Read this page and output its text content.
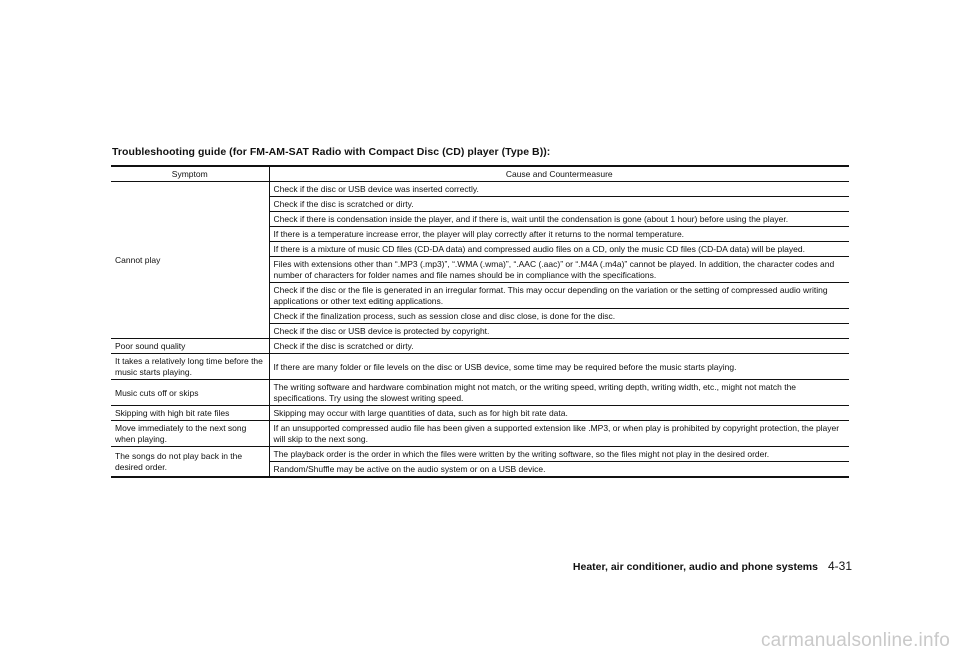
Troubleshooting guide (for FM-AM-SAT Radio with Compact Disc (CD) player (Type B)):
Symptom	Cause and Countermeasure
Cannot play	Check if the disc or USB device was inserted correctly.
	Check if the disc is scratched or dirty.
	Check if there is condensation inside the player, and if there is, wait until the condensation is gone (about 1 hour) before using the player.
	If there is a temperature increase error, the player will play correctly after it returns to the normal temperature.
	If there is a mixture of music CD files (CD-DA data) and compressed audio files on a CD, only the music CD files (CD-DA data) will be played.
	Files with extensions other than “.MP3 (.mp3)”, “.WMA (.wma)”, “.AAC (.aac)” or “.M4A (.m4a)” cannot be played. In addition, the character codes and number of characters for folder names and file names should be in compliance with the specifications.
	Check if the disc or the file is generated in an irregular format. This may occur depending on the variation or the setting of compressed audio writing applications or other text editing applications.
	Check if the finalization process, such as session close and disc close, is done for the disc.
	Check if the disc or USB device is protected by copyright.
Poor sound quality	Check if the disc is scratched or dirty.
It takes a relatively long time before the music starts playing.	If there are many folder or file levels on the disc or USB device, some time may be required before the music starts playing.
Music cuts off or skips	The writing software and hardware combination might not match, or the writing speed, writing depth, writing width, etc., might not match the specifications. Try using the slowest writing speed.
Skipping with high bit rate files	Skipping may occur with large quantities of data, such as for high bit rate data.
Move immediately to the next song when playing.	If an unsupported compressed audio file has been given a supported extension like .MP3, or when play is prohibited by copyright protection, the player will skip to the next song.
The songs do not play back in the desired order.	The playback order is the order in which the files were written by the writing software, so the files might not play in the desired order.
	Random/Shuffle may be active on the audio system or on a USB device.
Heater, air conditioner, audio and phone systems 4-31
carmanualsonline.info
